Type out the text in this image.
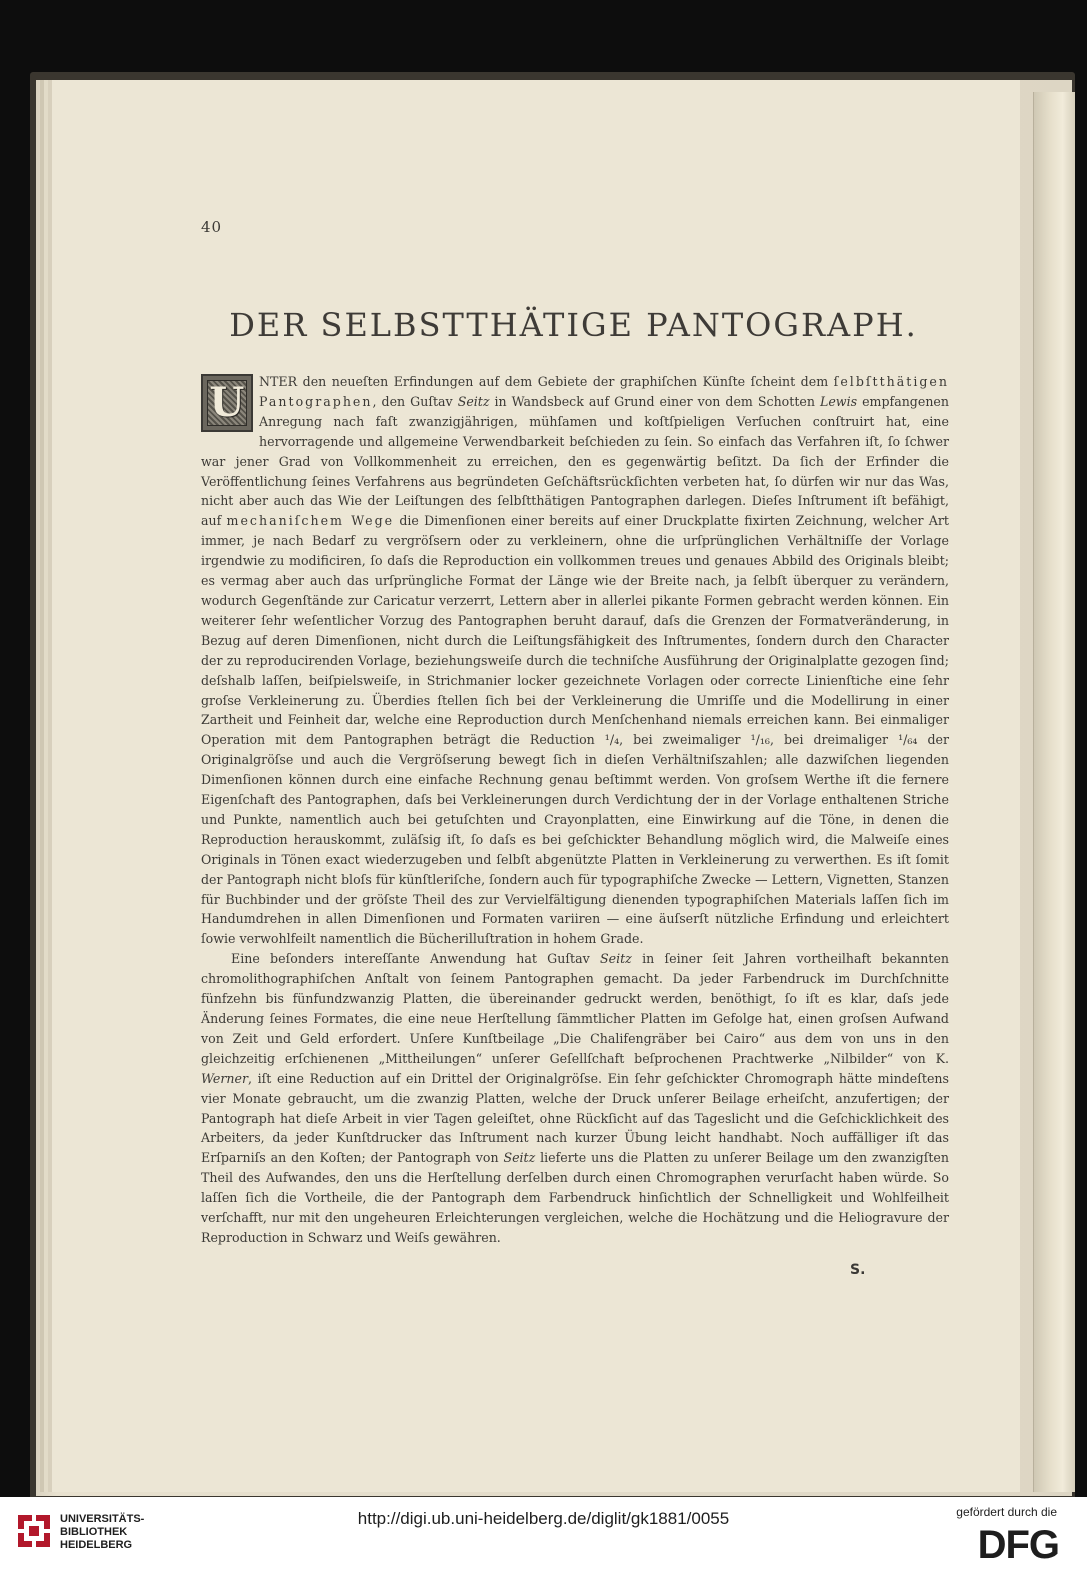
40
DER SELBSTTHÄTIGE PANTOGRAPH.

U	NTER den neueſten Erfindungen auf dem Gebiete der graphiſchen Künſte ſcheint dem ſelbſtthätigen Pantographen, den Guſtav Seitz in Wandsbeck auf Grund einer von dem Schotten Lewis empfangenen Anregung nach faſt zwanzigjährigen, mühſamen und koſtſpieligen Verſuchen conſtruirt hat, eine hervorragende und allgemeine Verwendbarkeit beſchieden zu ſein. So einfach das Verfahren iſt, ſo ſchwer war jener Grad von Vollkommenheit zu erreichen, den es gegenwärtig beſitzt. Da ſich der Erfinder die Veröffentlichung ſeines Verfahrens aus begründeten Geſchäftsrückſichten verbeten hat, ſo dürfen wir nur das Was, nicht aber auch das Wie der Leiſtungen des ſelbſtthätigen Pantographen darlegen. Dieſes Inſtrument iſt befähigt, auf mechaniſchem Wege die Dimenſionen einer bereits auf einer Druckplatte fixirten Zeichnung, welcher Art immer, je nach Bedarf zu vergröſsern oder zu verkleinern, ohne die urſprünglichen Verhältniſſe der Vorlage irgendwie zu modificiren, ſo daſs die Reproduction ein vollkommen treues und genaues Abbild des Originals bleibt; es vermag aber auch das urſprüngliche Format der Länge wie der Breite nach, ja ſelbſt überquer zu verändern, wodurch Gegenſtände zur Caricatur verzerrt, Lettern aber in allerlei pikante Formen gebracht werden können. Ein weiterer ſehr weſentlicher Vorzug des Pantographen beruht darauf, daſs die Grenzen der Formatveränderung, in Bezug auf deren Dimenſionen, nicht durch die Leiſtungsfähigkeit des Inſtrumentes, ſondern durch den Character der zu reproducirenden Vorlage, beziehungsweiſe durch die techniſche Ausführung der Originalplatte gezogen ſind; deſshalb laſſen, beiſpielsweiſe, in Strichmanier locker gezeichnete Vorlagen oder correcte Linienſtiche eine ſehr groſse Verkleinerung zu. Überdies ſtellen ſich bei der Verkleinerung die Umriſſe und die Modellirung in einer Zartheit und Feinheit dar, welche eine Reproduction durch Menſchenhand niemals erreichen kann. Bei einmaliger Operation mit dem Pantographen beträgt die Reduction ¹/₄, bei zweimaliger ¹/₁₆, bei dreimaliger ¹/₆₄ der Originalgröſse und auch die Vergröſserung bewegt ſich in dieſen Verhältniſszahlen; alle dazwiſchen liegenden Dimenſionen können durch eine einfache Rechnung genau beſtimmt werden. Von groſsem Werthe iſt die fernere Eigenſchaft des Pantographen, daſs bei Verkleinerungen durch Verdichtung der in der Vorlage enthaltenen Striche und Punkte, namentlich auch bei getuſchten und Crayonplatten, eine Einwirkung auf die Töne, in denen die Reproduction herauskommt, zuläſsig iſt, ſo daſs es bei geſchickter Behandlung möglich wird, die Malweiſe eines Originals in Tönen exact wiederzugeben und ſelbſt abgenützte Platten in Verkleinerung zu verwerthen. Es iſt ſomit der Pantograph nicht bloſs für künſtleriſche, ſondern auch für typographiſche Zwecke — Lettern, Vignetten, Stanzen für Buchbinder und der gröſste Theil des zur Vervielfältigung dienenden typographiſchen Materials laſſen ſich im Handumdrehen in allen Dimenſionen und Formaten variiren — eine äuſserſt nützliche Erfindung und erleichtert ſowie verwohlfeilt namentlich die Bücherilluſtration in hohem Grade.

Eine beſonders intereſſante Anwendung hat Guſtav Seitz in ſeiner ſeit Jahren vortheilhaft bekannten chromolithographiſchen Anſtalt von ſeinem Pantographen gemacht. Da jeder Farbendruck im Durchſchnitte fünfzehn bis fünfundzwanzig Platten, die übereinander gedruckt werden, benöthigt, ſo iſt es klar, daſs jede Änderung ſeines Formates, die eine neue Herſtellung ſämmtlicher Platten im Gefolge hat, einen groſsen Aufwand von Zeit und Geld erfordert. Unſere Kunſtbeilage „Die Chalifengräber bei Cairo“ aus dem von uns in den gleichzeitig erſchienenen „Mittheilungen“ unſerer Geſellſchaft beſprochenen Prachtwerke „Nilbilder“ von K. Werner, iſt eine Reduction auf ein Drittel der Originalgröſse. Ein ſehr geſchickter Chromograph hätte mindeſtens vier Monate gebraucht, um die zwanzig Platten, welche der Druck unſerer Beilage erheiſcht, anzufertigen; der Pantograph hat dieſe Arbeit in vier Tagen geleiſtet, ohne Rückſicht auf das Tageslicht und die Geſchicklichkeit des Arbeiters, da jeder Kunſtdrucker das Inſtrument nach kurzer Übung leicht handhabt. Noch auffälliger iſt das Erſparniſs an den Koſten; der Pantograph von Seitz lieferte uns die Platten zu unſerer Beilage um den zwanzigſten Theil des Aufwandes, den uns die Herſtellung derſelben durch einen Chromographen verurſacht haben würde. So laſſen ſich die Vortheile, die der Pantograph dem Farbendruck hinſichtlich der Schnelligkeit und Wohlfeilheit verſchafft, nur mit den ungeheuren Erleichterungen vergleichen, welche die Hochätzung und die Heliogravure der Reproduction in Schwarz und Weiſs gewähren.

S.
UNIVERSITÄTS-
BIBLIOTHEK
HEIDELBERG
http://digi.ub.uni-heidelberg.de/diglit/gk1881/0055	gefördert durch die
DFG
